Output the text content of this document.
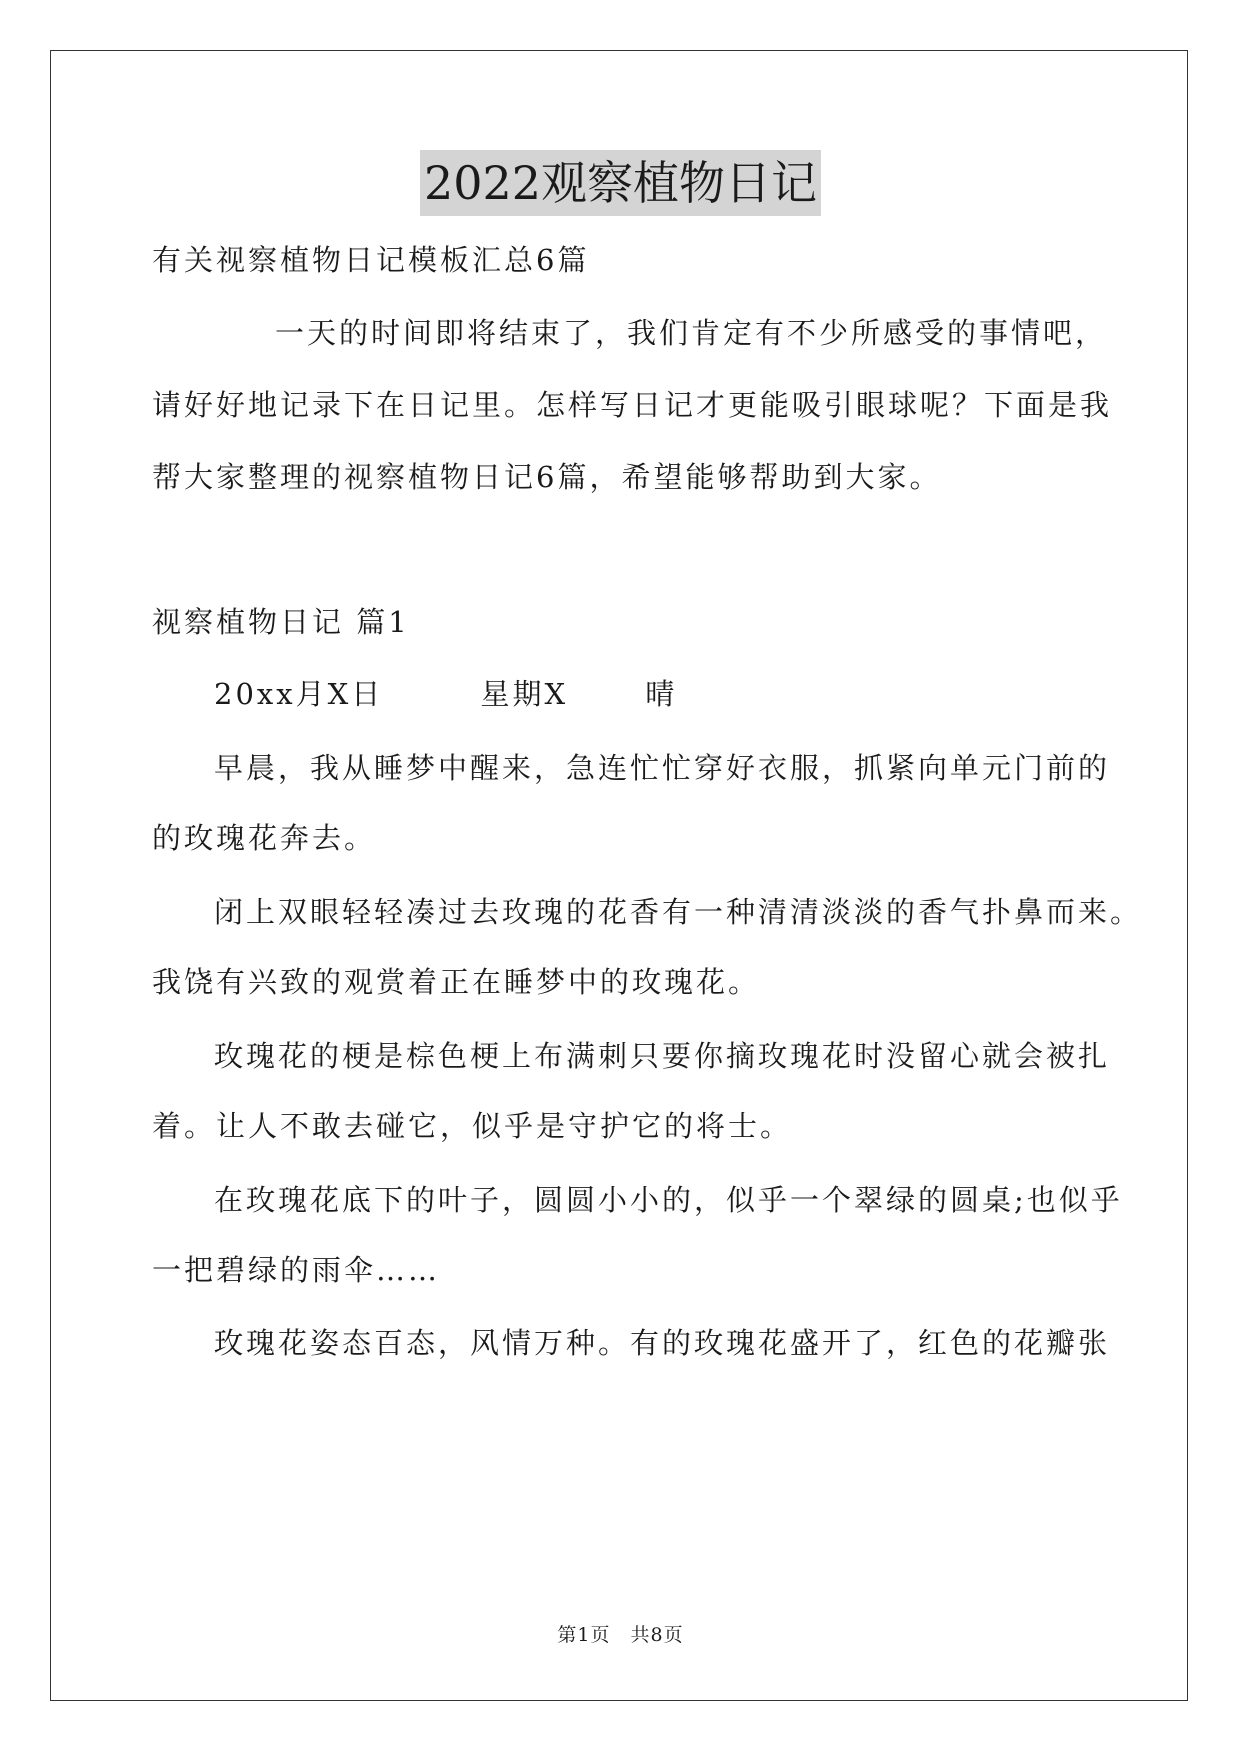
2022观察植物日记
有关视察植物日记模板汇总6篇
一天的时间即将结束了，我们肯定有不少所感受的事情吧，
请好好地记录下在日记里。怎样写日记才更能吸引眼球呢？下面是我
帮大家整理的视察植物日记6篇，希望能够帮助到大家。
视察植物日记 篇1
20xx月X日	星期X	晴
早晨，我从睡梦中醒来，急连忙忙穿好衣服，抓紧向单元门前的
的玫瑰花奔去。
闭上双眼轻轻凑过去玫瑰的花香有一种清清淡淡的香气扑鼻而来。
我饶有兴致的观赏着正在睡梦中的玫瑰花。
玫瑰花的梗是棕色梗上布满刺只要你摘玫瑰花时没留心就会被扎
着。让人不敢去碰它，似乎是守护它的将士。
在玫瑰花底下的叶子，圆圆小小的，似乎一个翠绿的圆桌;也似乎
一把碧绿的雨伞……
玫瑰花姿态百态，风情万种。有的玫瑰花盛开了，红色的花瓣张
第1页　共8页
